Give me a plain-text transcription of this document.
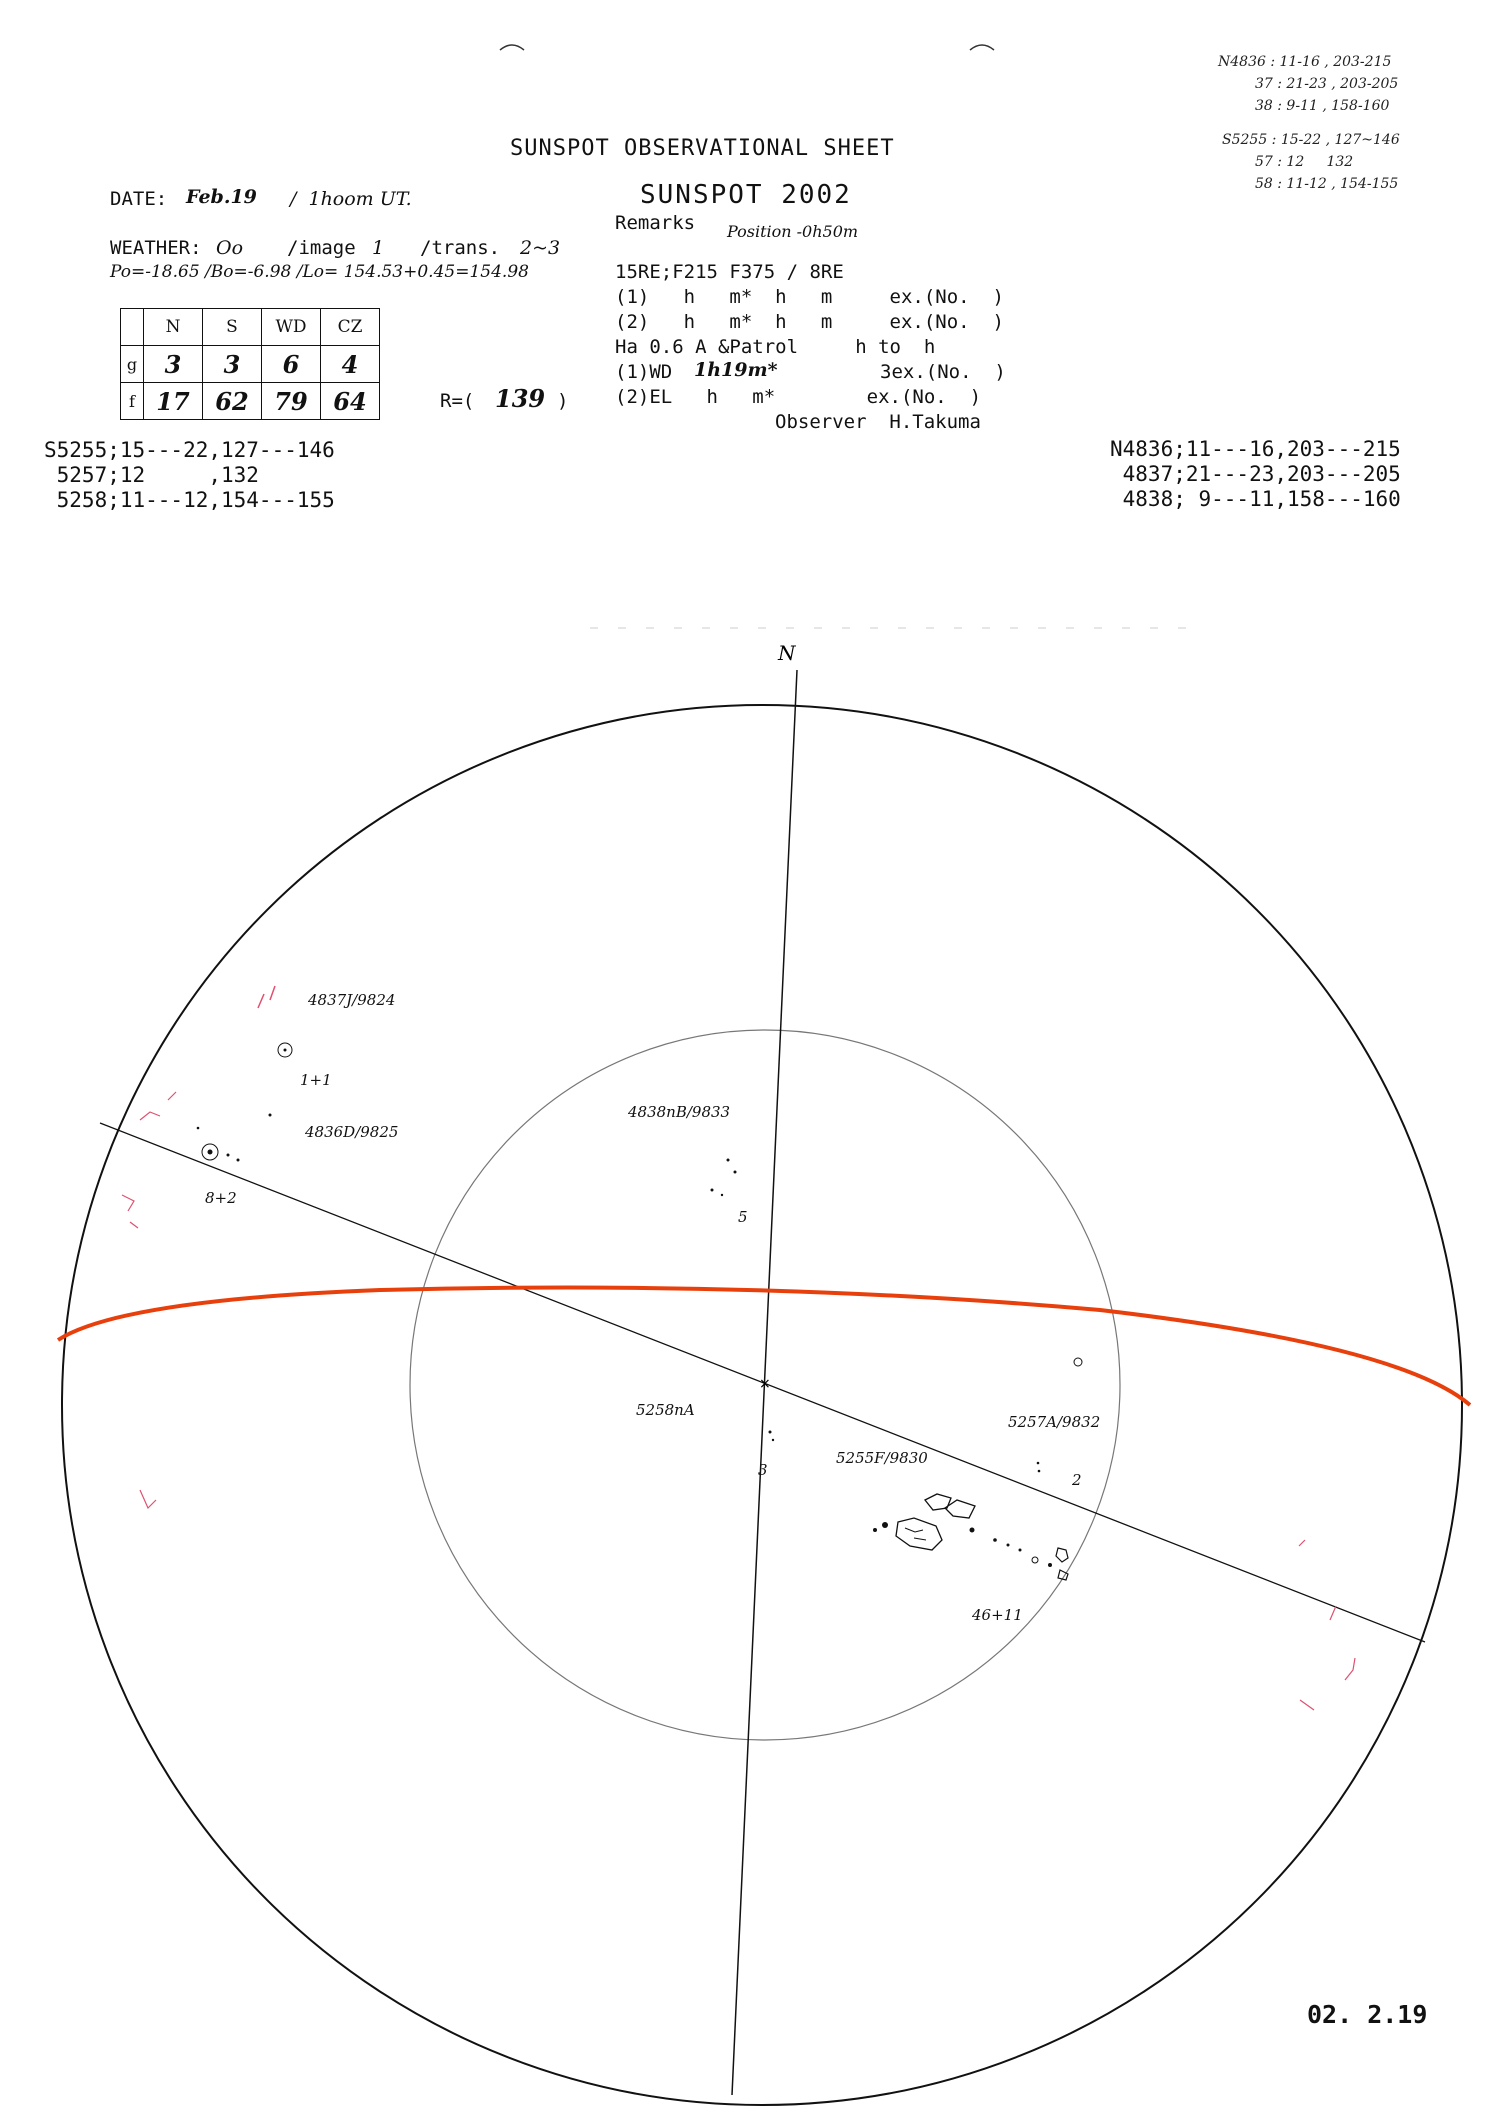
SUNSPOT OBSERVATIONAL SHEET
DATE: Feb.19 /  1hoom UT.	SUNSPOT 2002
Remarks Position -0h50m
WEATHER: Oo /image 1 /trans. 2~3
Po=-18.65 /Bo=-6.98 /Lo= 154.53+0.45=154.98	15RE;F215 F375 / 8RE
(1)   h   m*  h   m     ex.(No.  )
(2)   h   m*  h   m     ex.(No.  )
Ha 0.6 A &Patrol     h to  h
(1)WD 1h19m*	3ex.(No.  )
(2)EL   h   m*        ex.(No.  )
Observer  H.Takuma
	N	S	WD	CZ
g	3	3	6	4
f	17	62	79	64	R=( 139 )
S5255;15---22,127---146
5257;12     ,132
5258;11---12,154---155
N4836;11---16,203---215
4837;21---23,203---205
4838; 9---11,158---160
N4836 : 11-16 , 203-215
37 : 21-23 , 203-205
38 : 9-11 , 158-160
S5255 : 15-22 , 127~146
57 : 12     132
58 : 11-12 , 154-155
×
N
4837J/9824
1+1
4836D/9825
8+2
4838nB/9833
5
5258nA
3
5257A/9832
2
5255F/9830
46+11
02. 2.19
